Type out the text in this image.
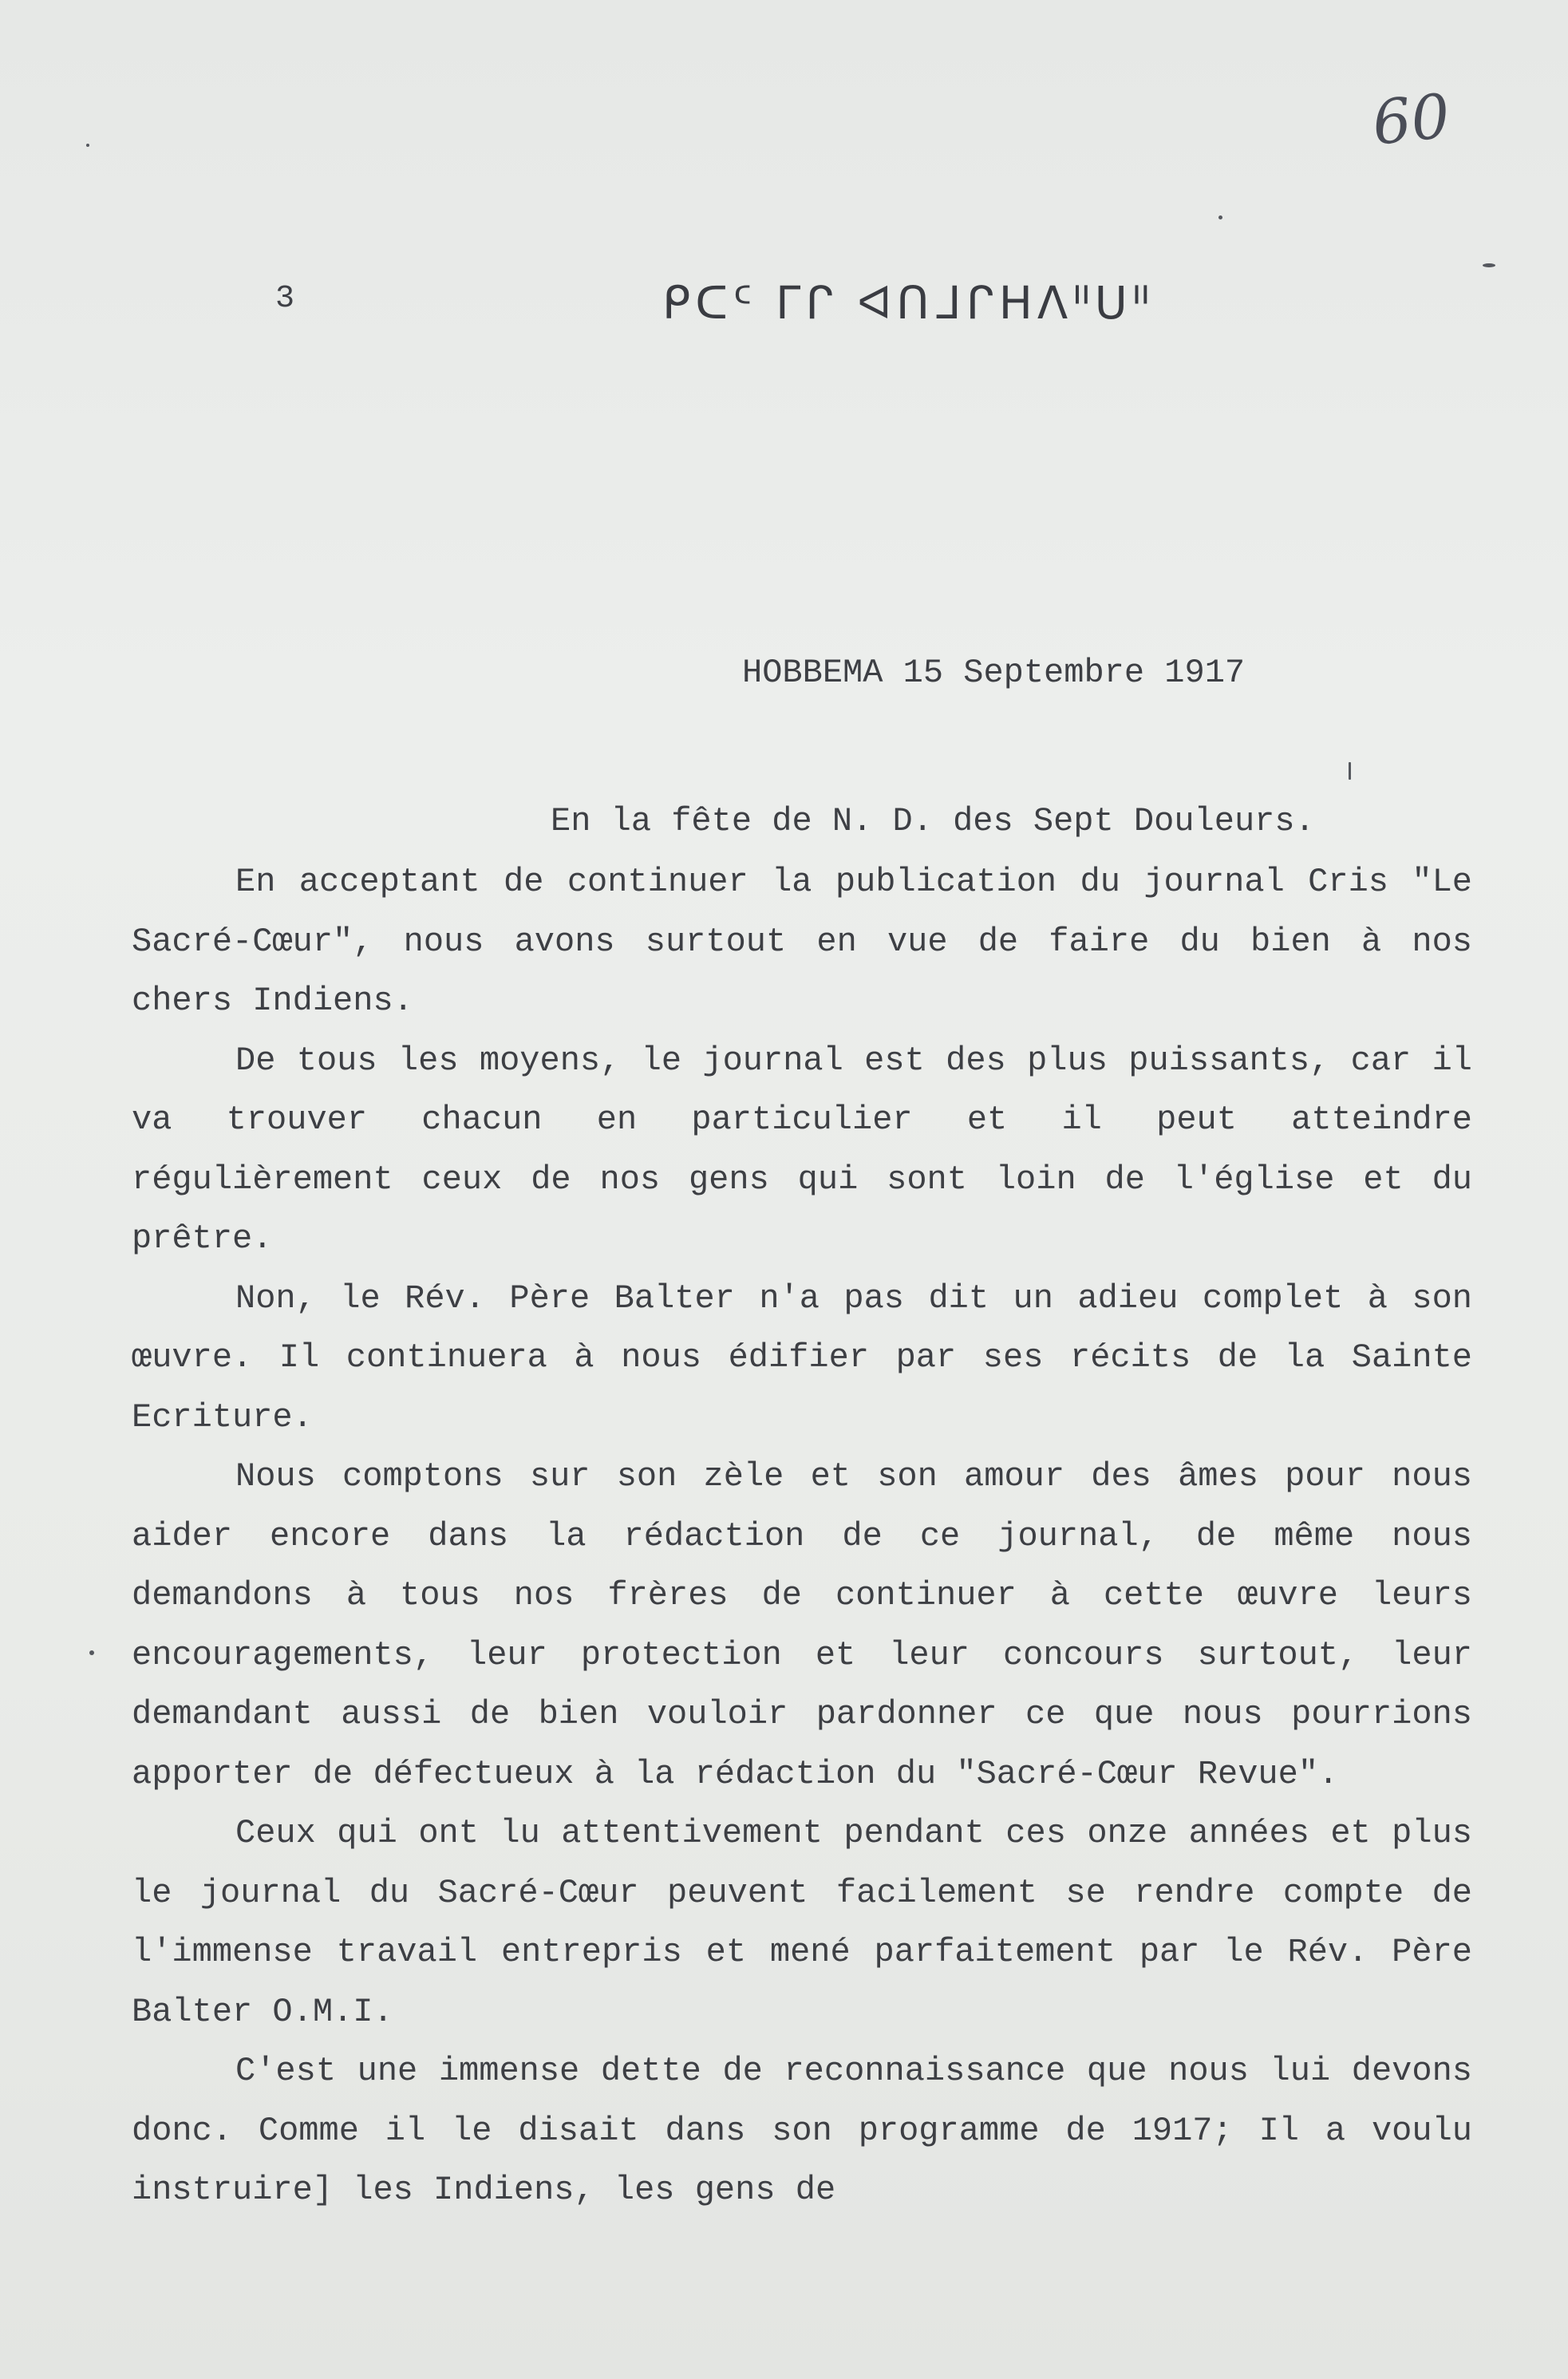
60
3	ᑭᑕᑦ ᒥᒋ ᐊᑎᒧᒋᕼᐱᐦᑌᐦ

HOBBEMA 15 Septembre 1917

En la fête de N. D. des Sept Douleurs.

En acceptant de continuer la publication du journal Cris "Le Sacré-Cœur", nous avons surtout en vue de faire du bien à nos chers Indiens.

De tous les moyens, le journal est des plus puissants, car il va trouver chacun en particulier et il peut atteindre régulièrement ceux de nos gens qui sont loin de l'église et du prêtre.

Non, le Rév. Père Balter n'a pas dit un adieu complet à son œuvre. Il continuera à nous édifier par ses récits de la Sainte Ecriture.

Nous comptons sur son zèle et son amour des âmes pour nous aider encore dans la rédaction de ce journal, de même nous demandons à tous nos frères de continuer à cette œuvre leurs encouragements, leur protection et leur concours surtout, leur demandant aussi de bien vouloir pardonner ce que nous pourrions apporter de défectueux à la rédaction du "Sacré-Cœur Revue".

Ceux qui ont lu attentivement pendant ces onze années et plus le journal du Sacré-Cœur peuvent facilement se rendre compte de l'immense travail entrepris et mené parfaitement par le Rév. Père Balter O.M.I.

C'est une immense dette de reconnaissance que nous lui devons donc. Comme il le disait dans son programme de 1917; Il a voulu instruire] les Indiens, les gens de
